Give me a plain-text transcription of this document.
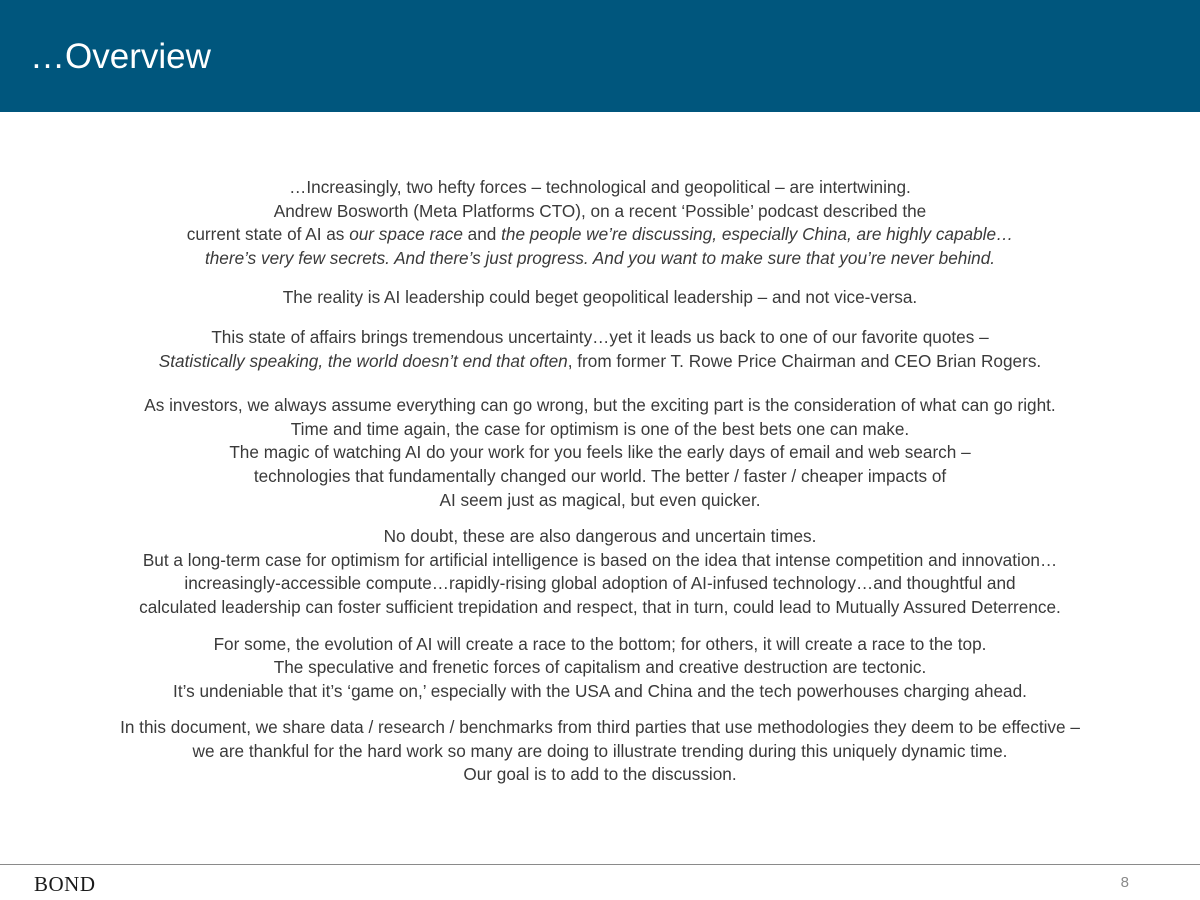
…Overview
…Increasingly, two hefty forces – technological and geopolitical – are intertwining.
Andrew Bosworth (Meta Platforms CTO), on a recent ‘Possible’ podcast described the
current state of AI as our space race and the people we’re discussing, especially China, are highly capable…
there’s very few secrets. And there’s just progress. And you want to make sure that you’re never behind.
The reality is AI leadership could beget geopolitical leadership – and not vice-versa.
This state of affairs brings tremendous uncertainty…yet it leads us back to one of our favorite quotes –
Statistically speaking, the world doesn’t end that often, from former T. Rowe Price Chairman and CEO Brian Rogers.
As investors, we always assume everything can go wrong, but the exciting part is the consideration of what can go right.
Time and time again, the case for optimism is one of the best bets one can make.
The magic of watching AI do your work for you feels like the early days of email and web search –
technologies that fundamentally changed our world. The better / faster / cheaper impacts of
AI seem just as magical, but even quicker.
No doubt, these are also dangerous and uncertain times.
But a long-term case for optimism for artificial intelligence is based on the idea that intense competition and innovation…
increasingly-accessible compute…rapidly-rising global adoption of AI-infused technology…and thoughtful and
calculated leadership can foster sufficient trepidation and respect, that in turn, could lead to Mutually Assured Deterrence.
For some, the evolution of AI will create a race to the bottom; for others, it will create a race to the top.
The speculative and frenetic forces of capitalism and creative destruction are tectonic.
It’s undeniable that it’s ‘game on,’ especially with the USA and China and the tech powerhouses charging ahead.
In this document, we share data / research / benchmarks from third parties that use methodologies they deem to be effective –
we are thankful for the hard work so many are doing to illustrate trending during this uniquely dynamic time.
Our goal is to add to the discussion.
BOND	8
